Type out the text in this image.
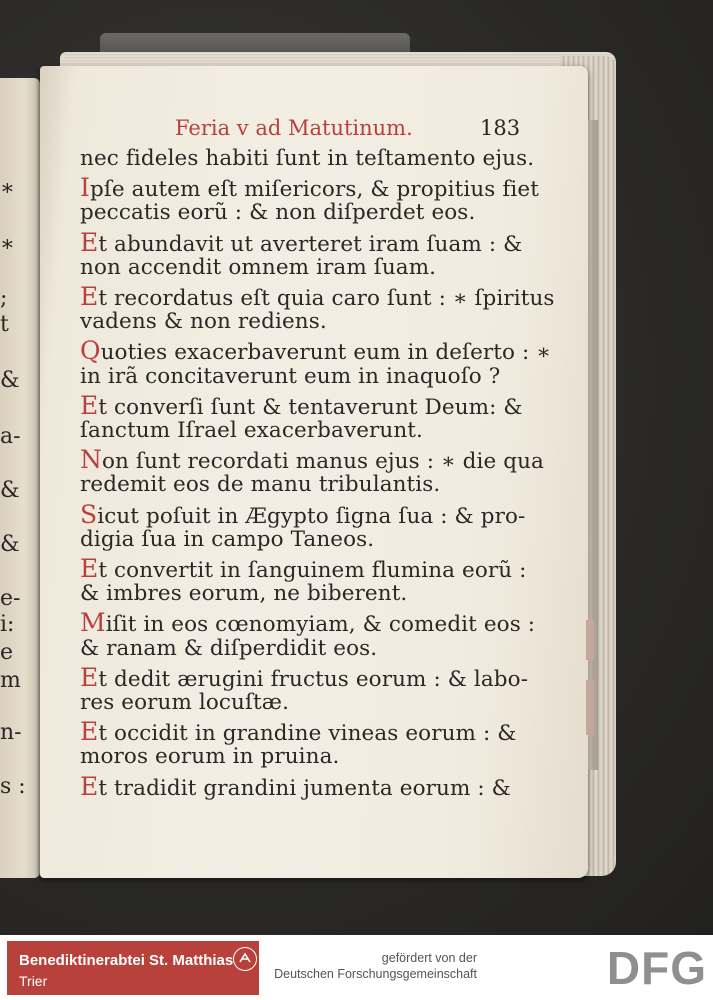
∗
∗
;
t
&
a-
&
&
e-
i:
e
m
n-
s :
Feria v ad Matutinum.	183
nec fideles habiti ſunt in teſtamento ejus.
Ipſe autem eſt miſericors, & propitius fiet
peccatis eorũ : & non diſperdet eos.
Et abundavit ut averteret iram ſuam : &
non accendit omnem iram ſuam.
Et recordatus eſt quia caro ſunt : ∗ ſpiritus
vadens & non rediens.
Quoties exacerbaverunt eum in deſerto : ∗
in irã concitaverunt eum in inaquoſo ?
Et converſi ſunt & tentaverunt Deum: &
ſanctum Iſrael exacerbaverunt.
Non ſunt recordati manus ejus : ∗ die qua
redemit eos de manu tribulantis.
Sicut poſuit in Ægypto ſigna ſua : & pro-
digia ſua in campo Taneos.
Et convertit in ſanguinem flumina eorũ :
& imbres eorum, ne biberent.
Miſit in eos cœnomyiam, & comedit eos :
& ranam & diſperdidit eos.
Et dedit ærugini fructus eorum : & labo-
res eorum locuſtæ.
Et occidit in grandine vineas eorum : &
moros eorum in pruina.
Et tradidit grandini jumenta eorum : &
Benediktinerabtei St. Matthias
Trier
gefördert von der
Deutschen Forschungsgemeinschaft	DFG
